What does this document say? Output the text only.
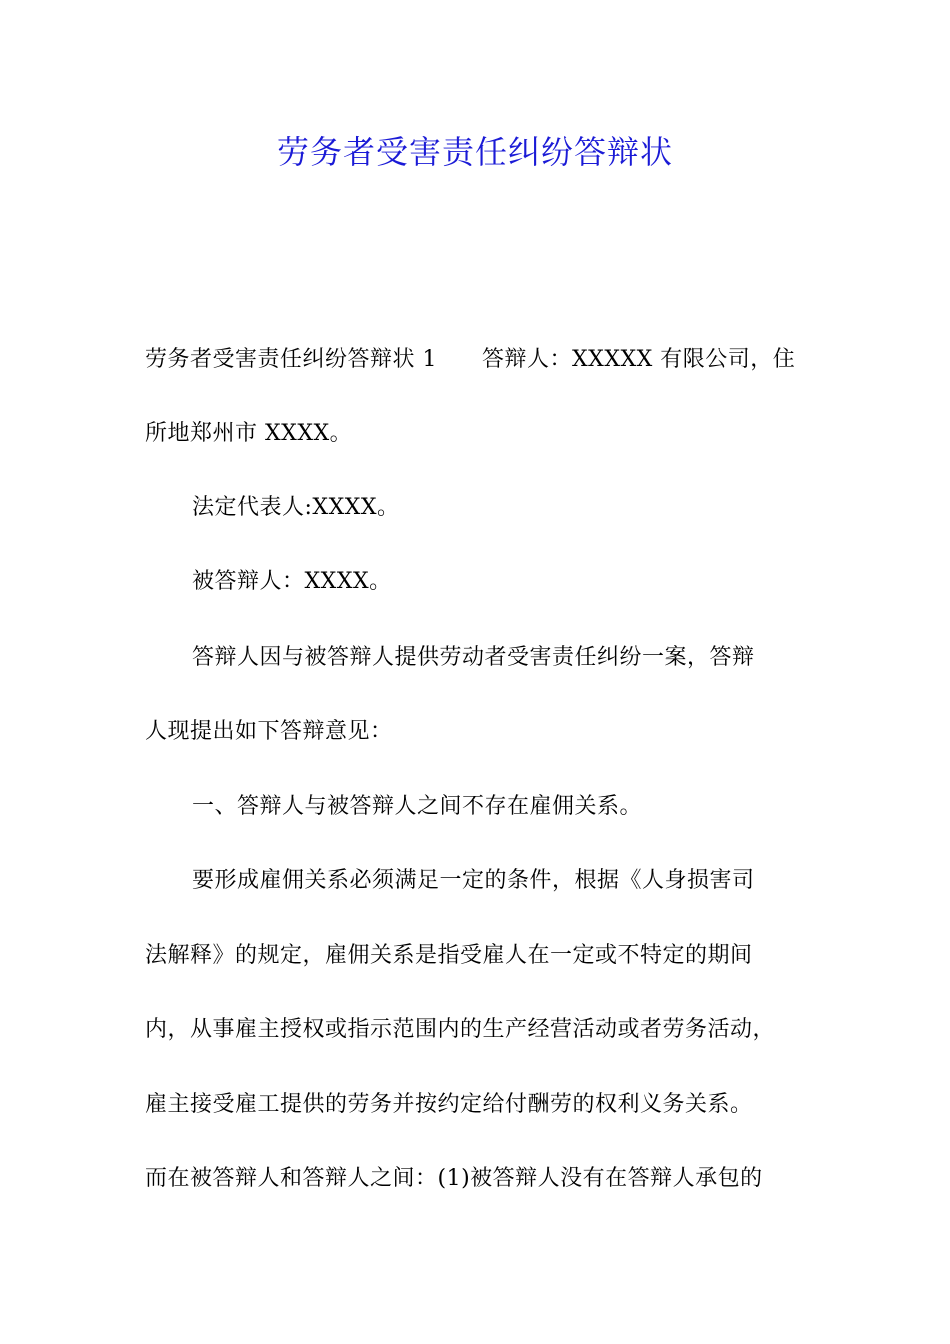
劳务者受害责任纠纷答辩状
劳务者受害责任纠纷答辩状 1　　答辩人：XXXXX 有限公司，住
所地郑州市 XXXX。
法定代表人:XXXX。
被答辩人：XXXX。
答辩人因与被答辩人提供劳动者受害责任纠纷一案，答辩
人现提出如下答辩意见：
一、答辩人与被答辩人之间不存在雇佣关系。
要形成雇佣关系必须满足一定的条件，根据《人身损害司
法解释》的规定，雇佣关系是指受雇人在一定或不特定的期间
内，从事雇主授权或指示范围内的生产经营活动或者劳务活动，
雇主接受雇工提供的劳务并按约定给付酬劳的权利义务关系。
而在被答辩人和答辩人之间：(1)被答辩人没有在答辩人承包的
